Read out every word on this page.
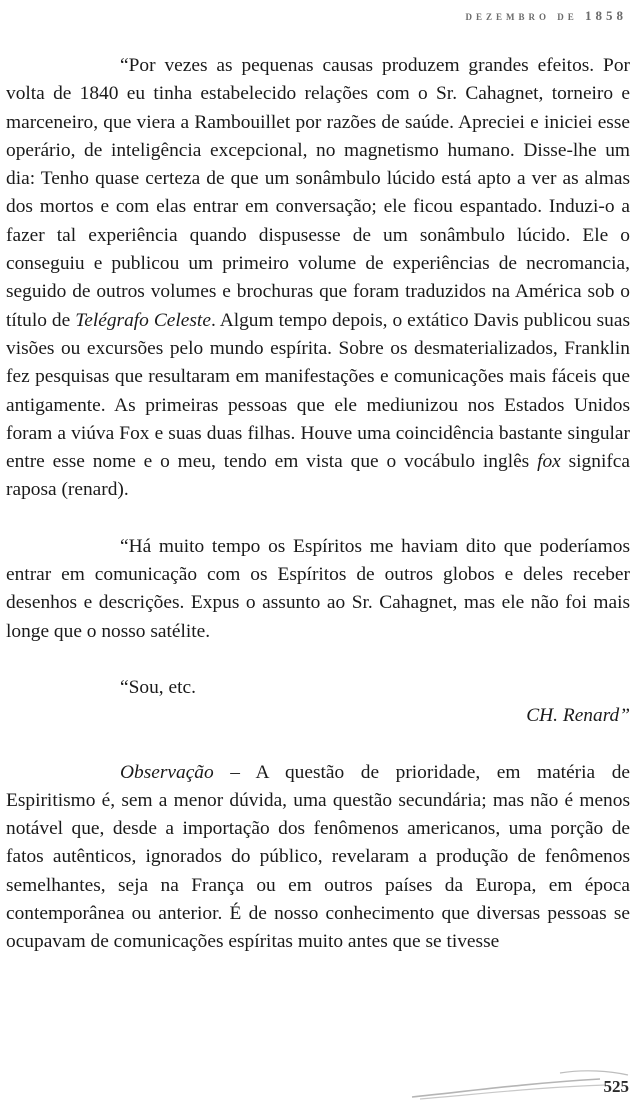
dezembro de 1858

“Por vezes as pequenas causas produzem grandes efeitos. Por volta de 1840 eu tinha estabelecido relações com o Sr. Cahagnet, torneiro e marceneiro, que viera a Rambouillet por razões de saúde. Apreciei e iniciei esse operário, de inteligência excepcional, no magnetismo humano. Disse-lhe um dia: Tenho quase certeza de que um sonâmbulo lúcido está apto a ver as almas dos mortos e com elas entrar em conversação; ele ficou espantado. Induzi-o a fazer tal experiência quando dispusesse de um sonâmbulo lúcido. Ele o conseguiu e publicou um primeiro volume de experiências de necromancia, seguido de outros volumes e brochuras que foram traduzidos na América sob o título de Telégrafo Celeste. Algum tempo depois, o extático Davis publicou suas visões ou excursões pelo mundo espírita. Sobre os desmaterializados, Franklin fez pesquisas que resultaram em manifestações e comunicações mais fáceis que antigamente. As primeiras pessoas que ele mediunizou nos Estados Unidos foram a viúva Fox e suas duas filhas. Houve uma coincidência bastante singular entre esse nome e o meu, tendo em vista que o vocábulo inglês fox signifca raposa (renard).

“Há muito tempo os Espíritos me haviam dito que poderíamos entrar em comunicação com os Espíritos de outros globos e deles receber desenhos e descrições. Expus o assunto ao Sr. Cahagnet, mas ele não foi mais longe que o nosso satélite.

“Sou, etc.

CH. Renard”

Observação – A questão de prioridade, em matéria de Espiritismo é, sem a menor dúvida, uma questão secundária; mas não é menos notável que, desde a importação dos fenômenos americanos, uma porção de fatos autênticos, ignorados do público, revelaram a produção de fenômenos semelhantes, seja na França ou em outros países da Europa, em época contemporânea ou anterior. É de nosso conhecimento que diversas pessoas se ocupavam de comunicações espíritas muito antes que se tivesse

525
